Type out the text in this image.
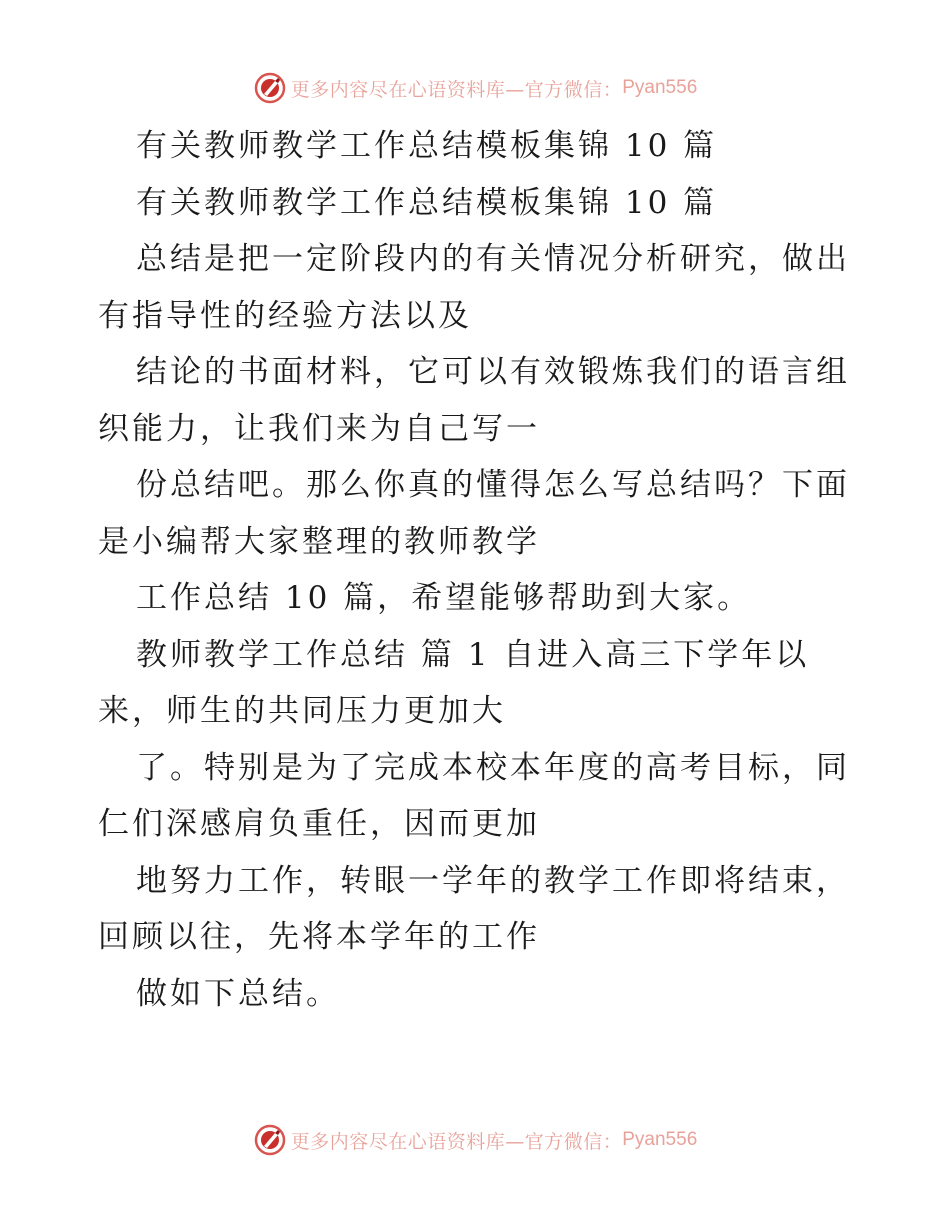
更多内容尽在心语资料库—官方微信： Pyan556
有关教师教学工作总结模板集锦 10 篇
有关教师教学工作总结模板集锦 10 篇
总结是把一定阶段内的有关情况分析研究，做出
有指导性的经验方法以及
结论的书面材料，它可以有效锻炼我们的语言组
织能力，让我们来为自己写一
份总结吧。那么你真的懂得怎么写总结吗？下面
是小编帮大家整理的教师教学
工作总结 10 篇，希望能够帮助到大家。
教师教学工作总结 篇 1 自进入高三下学年以
来，师生的共同压力更加大
了。特别是为了完成本校本年度的高考目标，同
仁们深感肩负重任，因而更加
地努力工作，转眼一学年的教学工作即将结束，
回顾以往，先将本学年的工作
做如下总结。
更多内容尽在心语资料库—官方微信： Pyan556
